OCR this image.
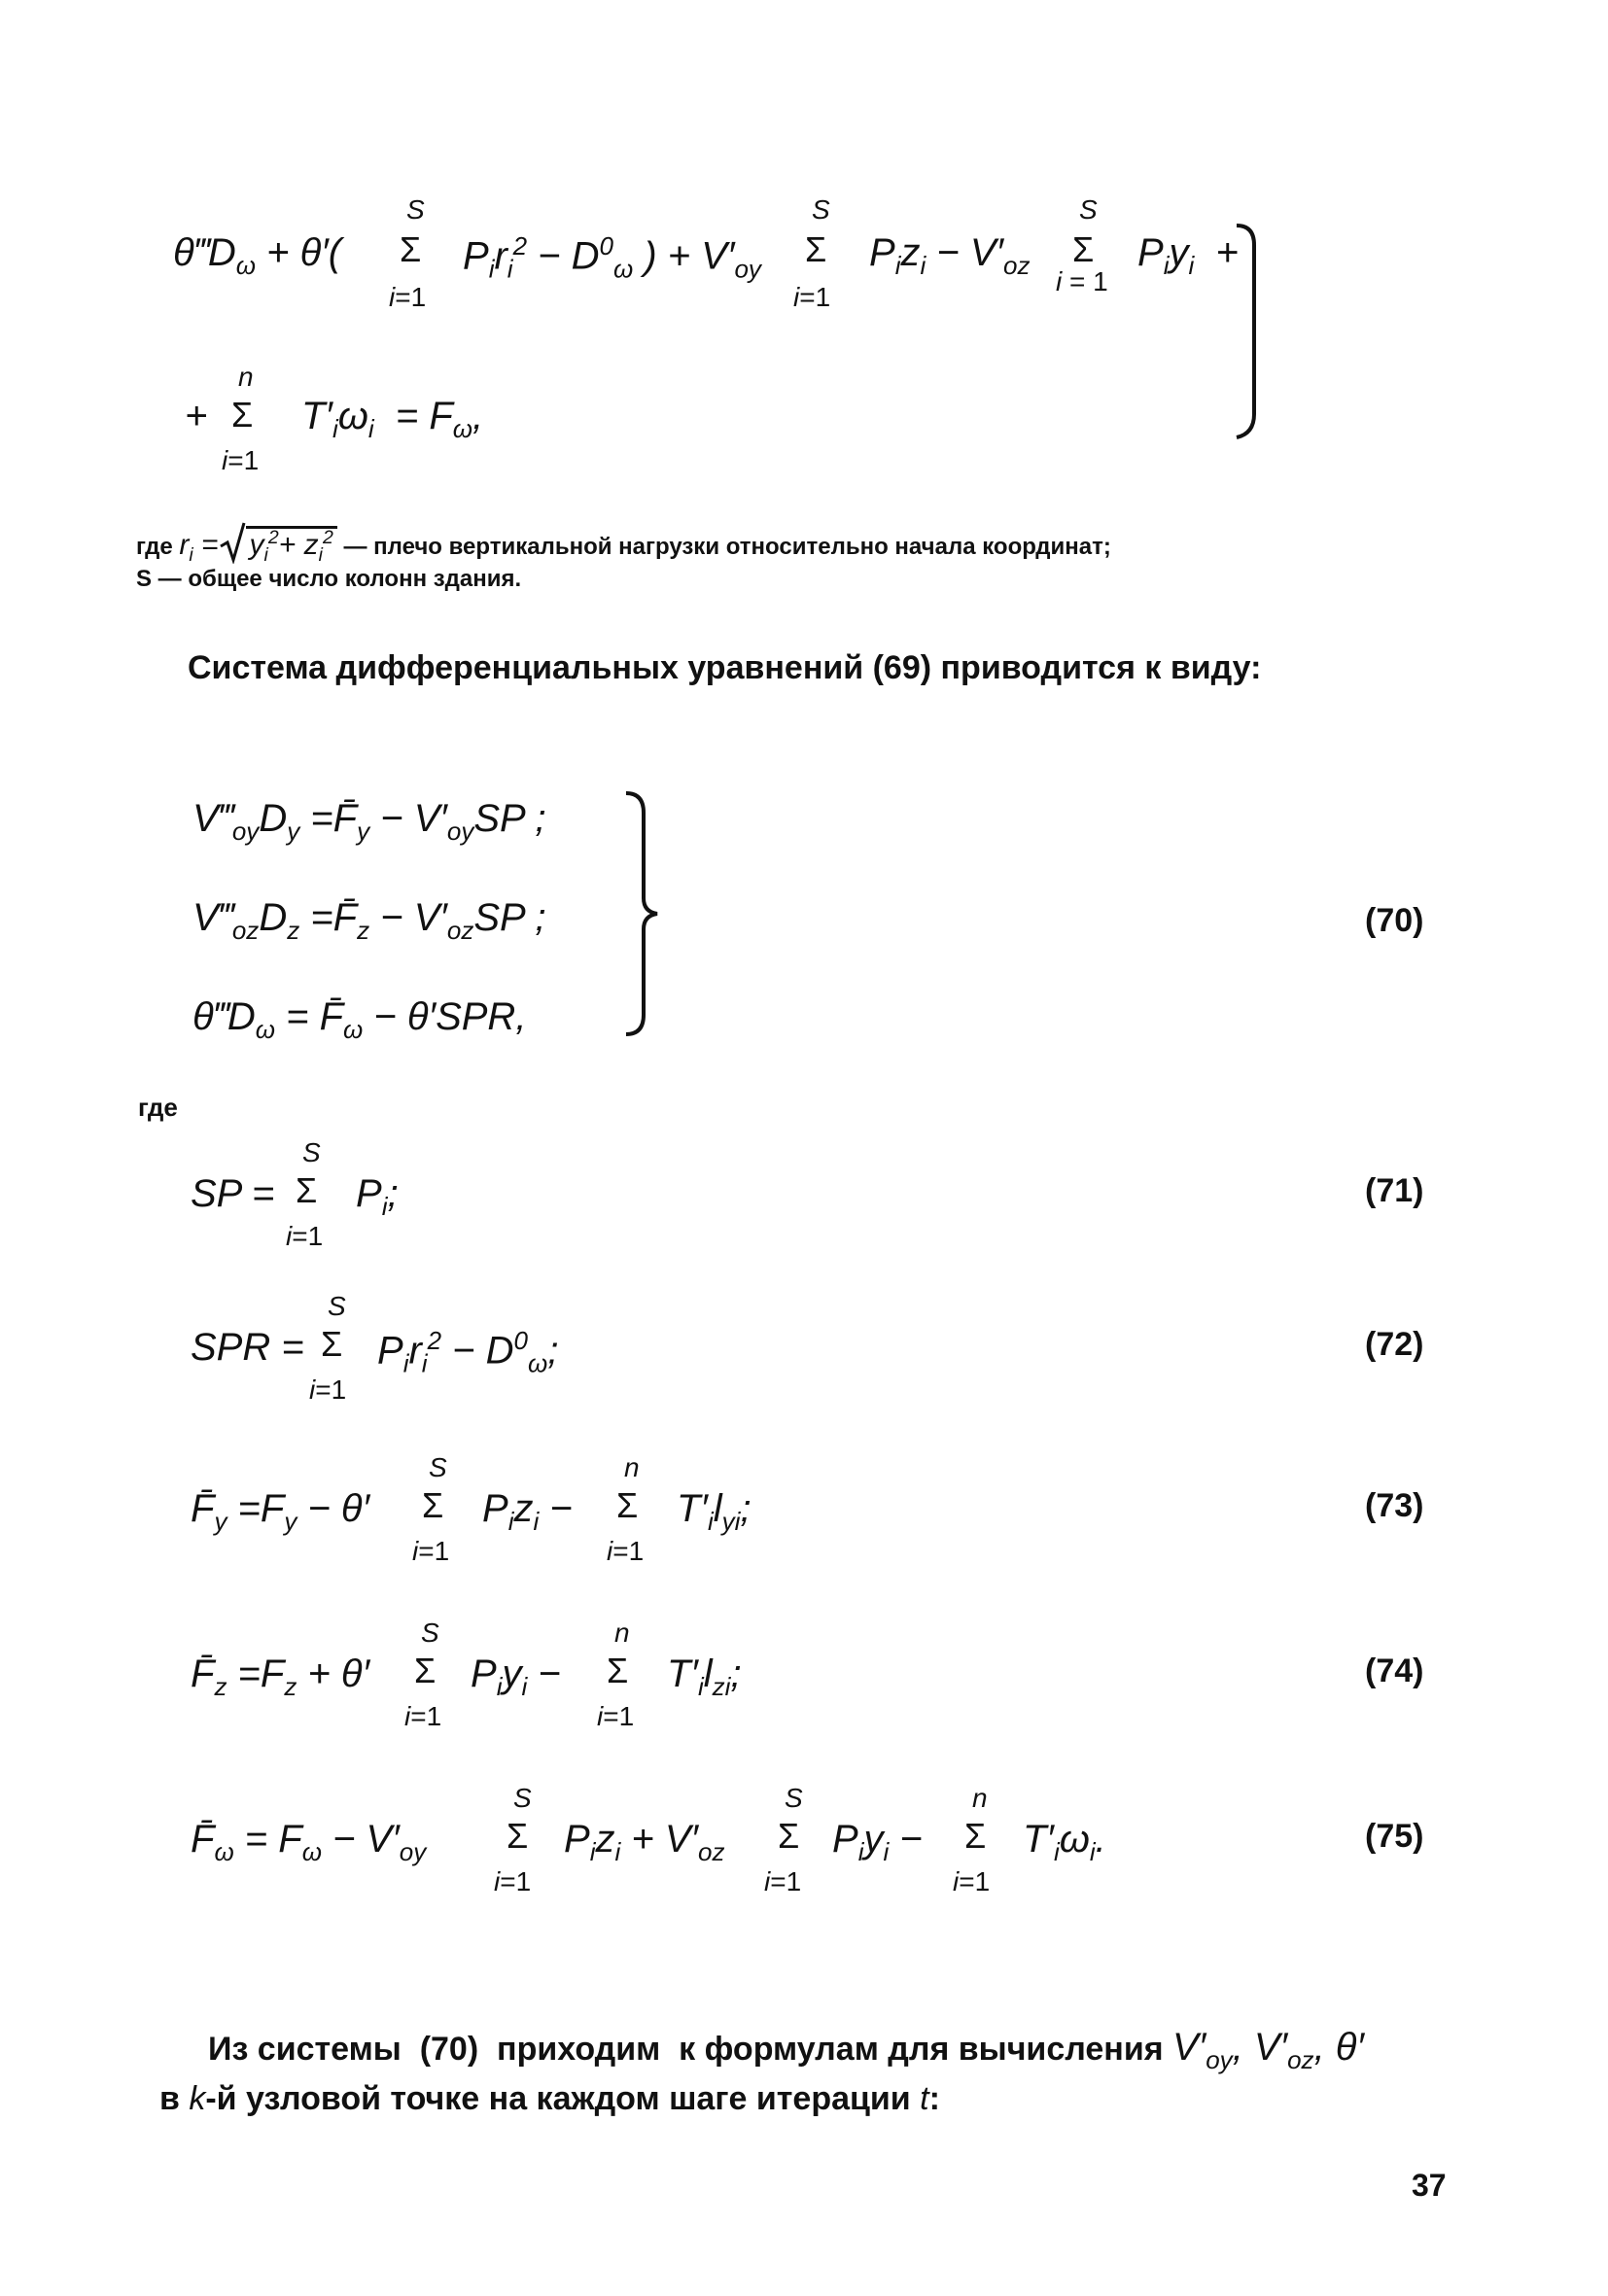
$\theta‴D_\omega + \theta'$(
S
Σ
i=1
$P_ir_i^2 - D^0_\omega$ ) + $V'_{oy}$
S
Σ
i=1
$P_iz_i - V'_{oz}$
S
Σ
i = 1
$P_iy_i$  +
+
n
Σ
i=1
$T'_i\omega_i = F_\omega$,
где $r_i = y_i^2+ z_i^2$ — плечо вертикальной нагрузки относительно начала координат;
S — общее число колонн здания.
Система дифференциальных уравнений (69) приводится к виду:
$V‴_{oy}D_y$ $=F̄_y - V'_{oy}SP$ ;
$V‴_{oz}D_z$ $=F̄_z - V'_{oz}SP$ ;
$\theta‴D_\omega$ = $F̄_\omega - \theta'SPR$,
(70)
где
SP =
S
Σ
i=1
$P_i$;	(71)
SPR =
S
Σ
i=1
$P_ir_i^2 - D^0_\omega$;	(72)
$F̄_y =F_y - \theta'$
S
Σ
i=1
$P_iz_i$ −
n
Σ
i=1
$T'_il_{yi}$;	(73)
$F̄_z =F_z + \theta'$
S
Σ
i=1
$P_iy_i$ −
n
Σ
i=1
$T'_il_{zi}$;	(74)
$F̄_\omega = F_\omega - V'_{oy}$
S
Σ
i=1
$P_iz_i + V'_{oz}$
S
Σ
i=1
$P_iy_i$ −
n
Σ
i=1
$T'_i\omega_i$.	(75)
Из системы  (70)  приходим  к формулам для вычисления $V'_{oy}$, $V'_{oz}$, θ′
в k-й узловой точке на каждом шаге итерации t:
37
